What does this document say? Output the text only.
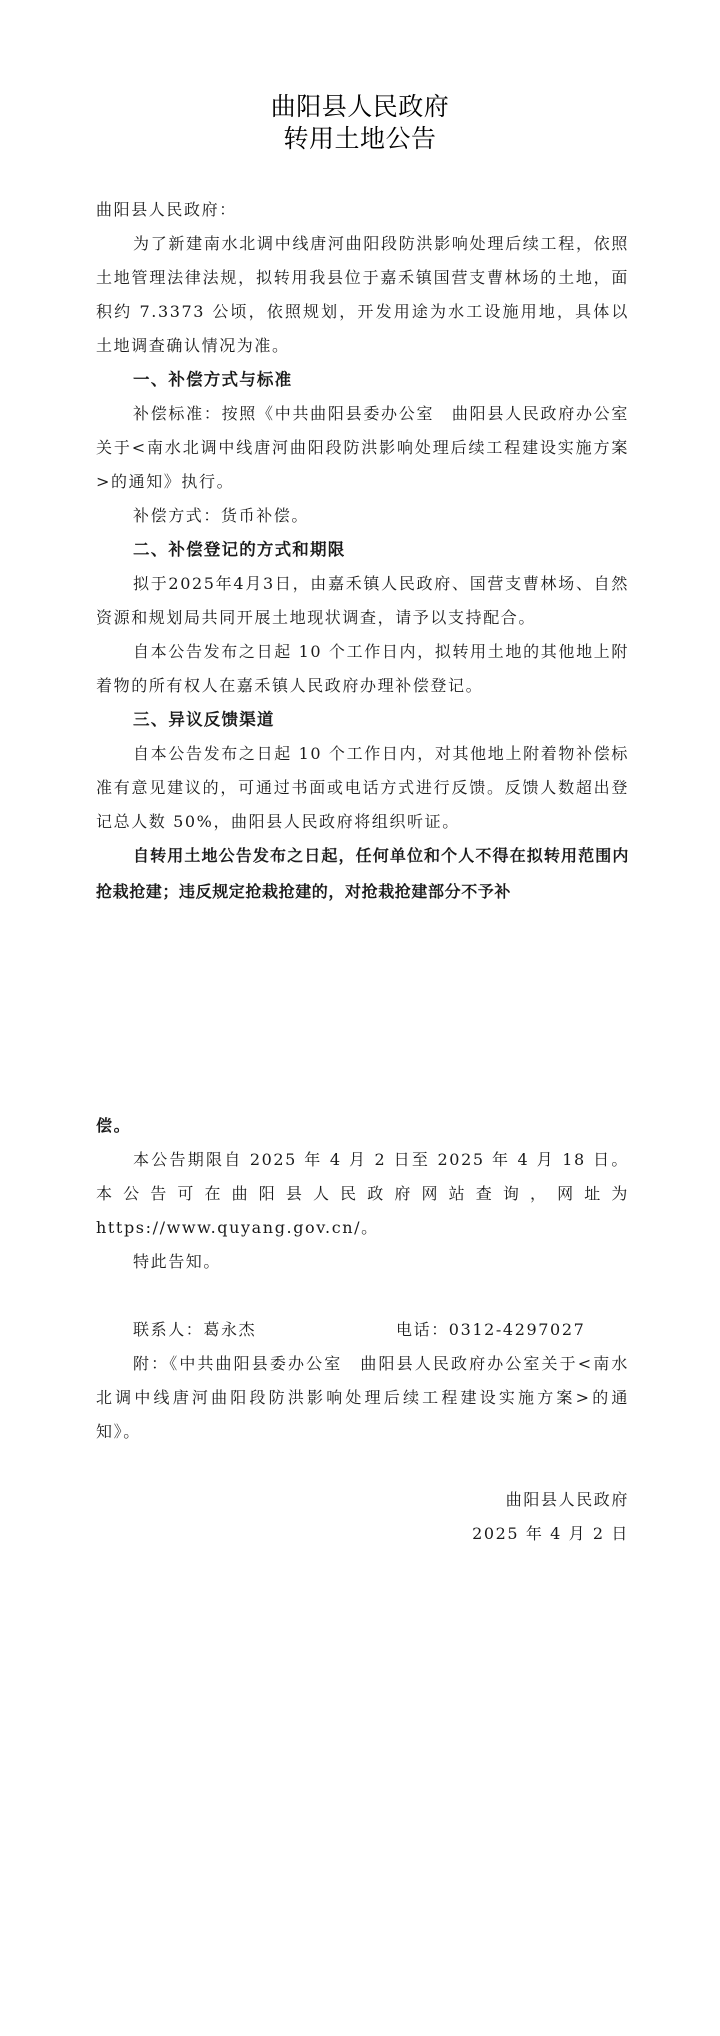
曲阳县人民政府
转用土地公告

曲阳县人民政府：

为了新建南水北调中线唐河曲阳段防洪影响处理后续工程，依照土地管理法律法规，拟转用我县位于嘉禾镇国营支曹林场的土地，面积约 7.3373 公顷，依照规划，开发用途为水工设施用地，具体以土地调查确认情况为准。

一、补偿方式与标准

补偿标准：按照《中共曲阳县委办公室　曲阳县人民政府办公室关于<南水北调中线唐河曲阳段防洪影响处理后续工程建设实施方案>的通知》执行。

补偿方式：货币补偿。

二、补偿登记的方式和期限

拟于2025年4月3日，由嘉禾镇人民政府、国营支曹林场、自然资源和规划局共同开展土地现状调查，请予以支持配合。

自本公告发布之日起 10 个工作日内，拟转用土地的其他地上附着物的所有权人在嘉禾镇人民政府办理补偿登记。

三、异议反馈渠道

自本公告发布之日起 10 个工作日内，对其他地上附着物补偿标准有意见建议的，可通过书面或电话方式进行反馈。反馈人数超出登记总人数 50%，曲阳县人民政府将组织听证。

自转用土地公告发布之日起，任何单位和个人不得在拟转用范围内抢栽抢建；违反规定抢栽抢建的，对抢栽抢建部分不予补

偿。

本公告期限自 2025 年 4 月 2 日至 2025 年 4 月 18 日。本公告可在曲阳县人民政府网站查询，网址为 https://www.quyang.gov.cn/。

特此告知。

联系人：葛永杰	电话：0312-4297027

附：《中共曲阳县委办公室　曲阳县人民政府办公室关于<南水北调中线唐河曲阳段防洪影响处理后续工程建设实施方案>的通知》。

曲阳县人民政府

2025 年 4 月 2 日
